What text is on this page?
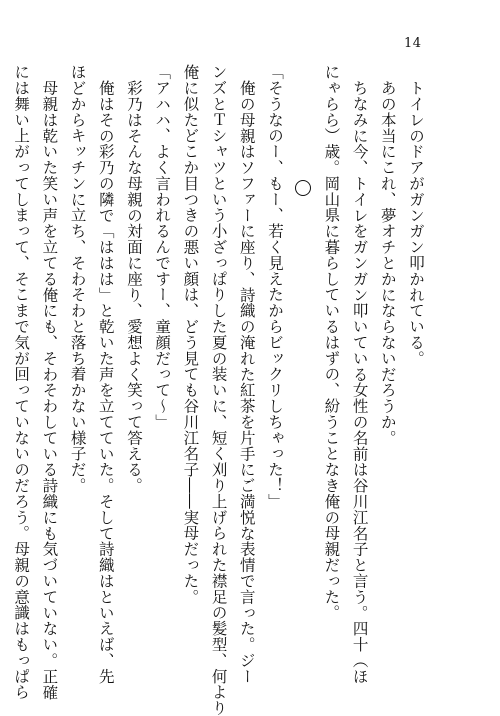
14
トイレのドアがガンガン叩かれている。
あの本当にこれ、夢オチとかにならないだろうか。
ちなみに今、トイレをガンガン叩いている女性の名前は谷川江名子と言う。四十（ほ
にゃらら）歳。岡山県に暮らしているはずの、紛うことなき俺の母親だった。
「そうなのー、もー、若く見えたからビックリしちゃった！」
俺の母親はソファーに座り、詩織の淹れた紅茶を片手にご満悦な表情で言った。ジー
ンズとＴシャツという小ざっぱりした夏の装いに、短く刈り上げられた襟足の髪型、何より
俺に似たどこか目つきの悪い顔は、どう見ても谷川江名子――実母だった。
「アハハ、よく言われるんですー、童顔だって～」
彩乃はそんな母親の対面に座り、愛想よく笑って答える。
俺はその彩乃の隣で「ははは」と乾いた声を立てていた。そして詩織はといえば、先
ほどからキッチンに立ち、そわそわと落ち着かない様子だ。
母親は乾いた笑い声を立てる俺にも、そわそわしている詩織にも気づいていない。正確
には舞い上がってしまって、そこまで気が回っていないのだろう。母親の意識はもっぱら
